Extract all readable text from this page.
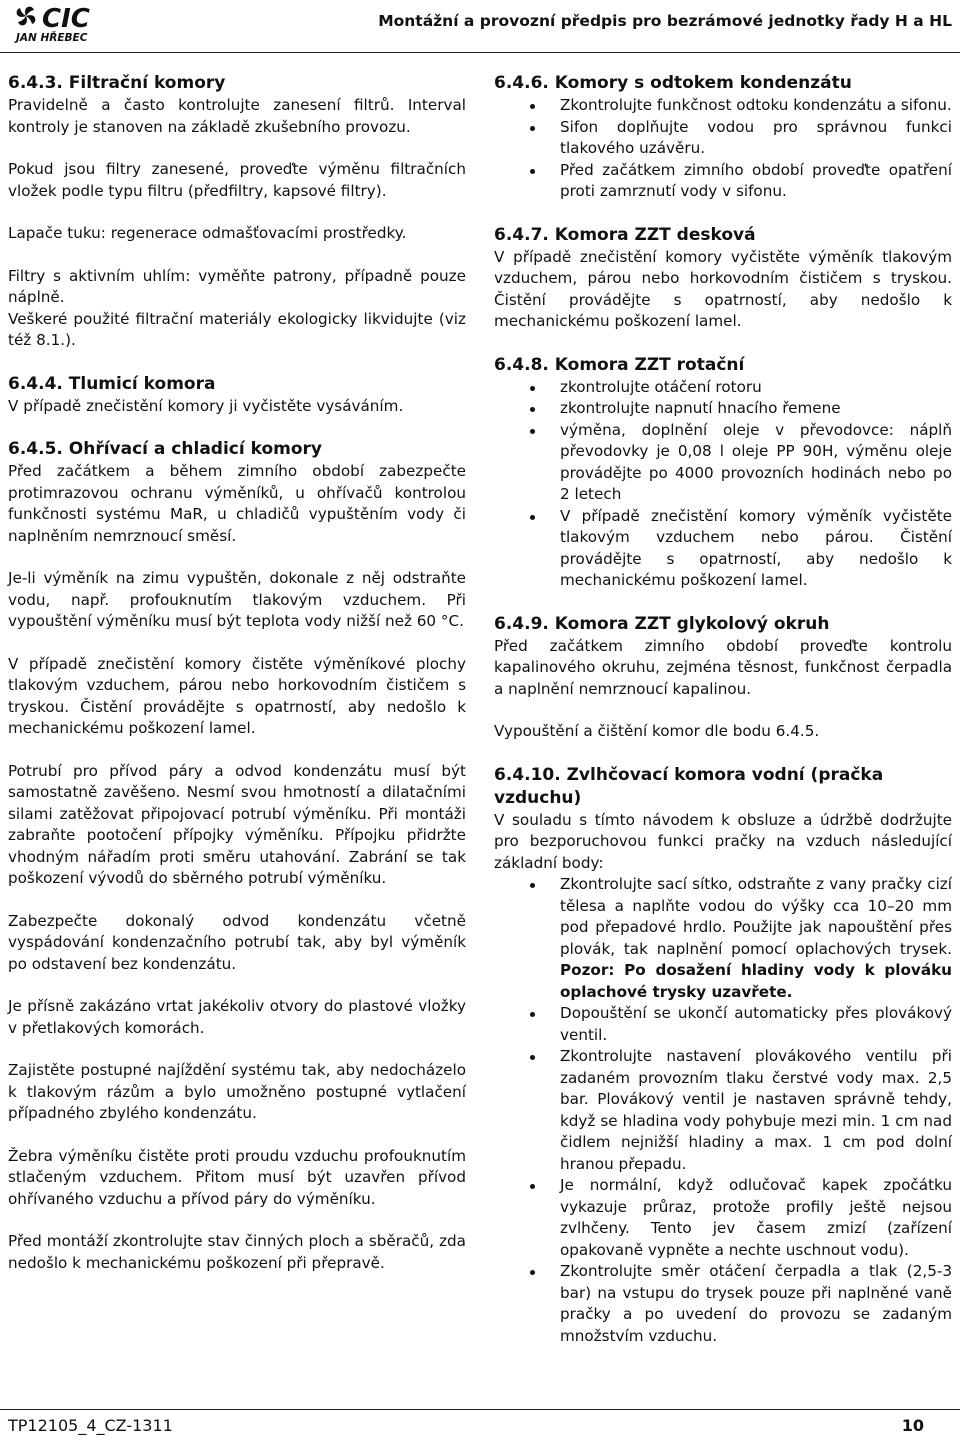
CIC
JAN HŘEBEC
Montážní a provozní předpis pro bezrámové jednotky řady H a HL
6.4.3. Filtrační komory

Pravidelně a často kontrolujte zanesení filtrů. Interval kontroly je stanoven na základě zkušebního provozu.

Pokud jsou filtry zanesené, proveďte výměnu filtračních vložek podle typu filtru (předfiltry, kapsové filtry).

Lapače tuku: regenerace odmašťovacími prostředky.

Filtry s aktivním uhlím: vyměňte patrony, případně pouze náplně.

Veškeré použité filtrační materiály ekologicky likvidujte (viz též 8.1.).

6.4.4. Tlumicí komora

V případě znečistění komory ji vyčistěte vysáváním.

6.4.5. Ohřívací a chladicí komory

Před začátkem a během zimního období zabezpečte protimrazovou ochranu výměníků, u ohřívačů kontrolou funkčnosti systému MaR, u chladičů vypuštěním vody či naplněním nemrznoucí směsí.

Je-li výměník na zimu vypuštěn, dokonale z něj odstraňte vodu, např. profouknutím tlakovým vzduchem. Při vypouštění výměníku musí být teplota vody nižší než 60 °C.

V případě znečistění komory čistěte výměníkové plochy tlakovým vzduchem, párou nebo horkovodním čističem s tryskou. Čistění provádějte s opatrností, aby nedošlo k mechanickému poškození lamel.

Potrubí pro přívod páry a odvod kondenzátu musí být samostatně zavěšeno. Nesmí svou hmotností a dilatačními silami zatěžovat připojovací potrubí výměníku. Při montáži zabraňte pootočení přípojky výměníku. Přípojku přidržte vhodným nářadím proti směru utahování. Zabrání se tak poškození vývodů do sběrného potrubí výměníku.

Zabezpečte dokonalý odvod kondenzátu včetně vyspádování kondenzačního potrubí tak, aby byl výměník po odstavení bez kondenzátu.

Je přísně zakázáno vrtat jakékoliv otvory do plastové vložky v přetlakových komorách.

Zajistěte postupné najíždění systému tak, aby nedocházelo k tlakovým rázům a bylo umožněno postupné vytlačení případného zbylého kondenzátu.

Žebra výměníku čistěte proti proudu vzduchu profouknutím stlačeným vzduchem. Přitom musí být uzavřen přívod ohřívaného vzduchu a přívod páry do výměníku.

Před montáží zkontrolujte stav činných ploch a sběračů, zda nedošlo k mechanickému poškození při přepravě.

6.4.6. Komory s odtokem kondenzátu
Zkontrolujte funkčnost odtoku kondenzátu a sifonu.
Sifon doplňujte vodou pro správnou funkci tlakového uzávěru.
Před začátkem zimního období proveďte opatření proti zamrznutí vody v sifonu.
6.4.7. Komora ZZT desková

V případě znečistění komory vyčistěte výměník tlakovým vzduchem, párou nebo horkovodním čističem s tryskou. Čistění provádějte s opatrností, aby nedošlo k mechanickému poškození lamel.

6.4.8. Komora ZZT rotační
zkontrolujte otáčení rotoru
zkontrolujte napnutí hnacího řemene
výměna, doplnění oleje v převodovce: náplň převodovky je 0,08 l oleje PP 90H, výměnu oleje provádějte po 4000 provozních hodinách nebo po 2 letech
V případě znečistění komory výměník vyčistěte tlakovým vzduchem nebo párou. Čistění provádějte s opatrností, aby nedošlo k mechanickému poškození lamel.
6.4.9. Komora ZZT glykolový okruh

Před začátkem zimního období proveďte kontrolu kapalinového okruhu, zejména těsnost, funkčnost čerpadla a naplnění nemrznoucí kapalinou.

Vypouštění a čištění komor dle bodu 6.4.5.

6.4.10. Zvlhčovací komora vodní (pračka vzduchu)

V souladu s tímto návodem k obsluze a údržbě dodržujte pro bezporuchovou funkci pračky na vzduch následující základní body:

Zkontrolujte sací sítko, odstraňte z vany pračky cizí tělesa a naplňte vodou do výšky cca 10–20 mm pod přepadové hrdlo. Použijte jak napouštění přes plovák, tak naplnění pomocí oplachových trysek. Pozor: Po dosažení hladiny vody k plováku oplachové trysky uzavřete.
Dopouštění se ukončí automaticky přes plovákový ventil.
Zkontrolujte nastavení plovákového ventilu při zadaném provozním tlaku čerstvé vody max. 2,5 bar. Plovákový ventil je nastaven správně tehdy, když se hladina vody pohybuje mezi min. 1 cm nad čidlem nejnižší hladiny a max. 1 cm pod dolní hranou přepadu.
Je normální, když odlučovač kapek zpočátku vykazuje průraz, protože profily ještě nejsou zvlhčeny. Tento jev časem zmizí (zařízení opakovaně vypněte a nechte uschnout vodu).
Zkontrolujte směr otáčení čerpadla a tlak (2,5-3 bar) na vstupu do trysek pouze při naplněné vaně pračky a po uvedení do provozu se zadaným množstvím vzduchu.
TP12105_4_CZ-1311	10
